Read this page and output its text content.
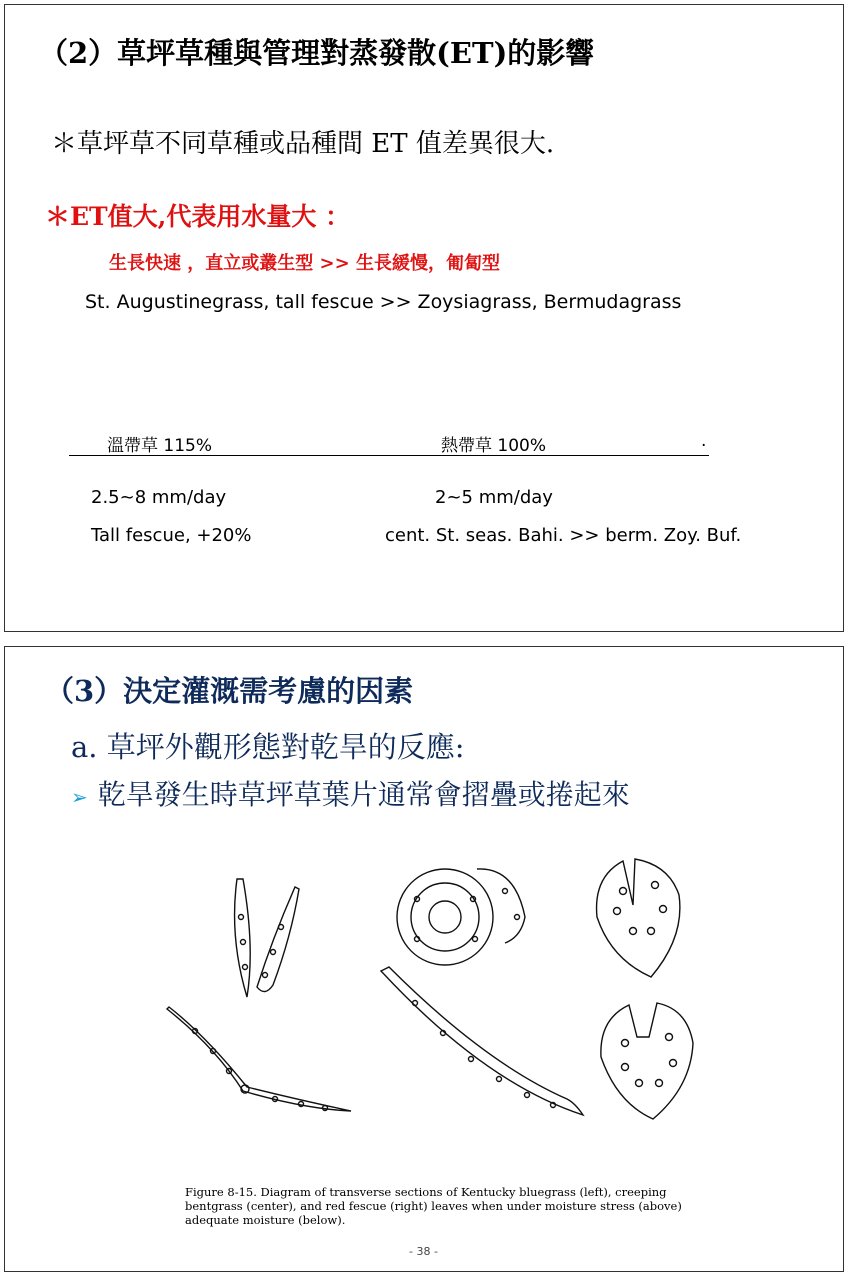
（2）草坪草種與管理對蒸發散(ET)的影響
＊草坪草不同草種或品種間 ET 值差異很大.
＊ET值大,代表用水量大 ：
生長快速 ，直立或叢生型 >> 生長緩慢，匍匐型
St. Augustinegrass, tall fescue >> Zoysiagrass, Bermudagrass
溫帶草 115%	熱帶草 100%	.
2.5~8 mm/day	2~5 mm/day
Tall fescue, +20%	cent. St. seas. Bahi. >> berm. Zoy. Buf.
（3）決定灌溉需考慮的因素
a. 草坪外觀形態對乾旱的反應:
➢ 乾旱發生時草坪草葉片通常會摺疊或捲起來
Figure 8-15. Diagram of transverse sections of Kentucky bluegrass (left), creeping bentgrass (center), and red fescue (right) leaves when under moisture stress (above) adequate moisture (below).
- 38 -
